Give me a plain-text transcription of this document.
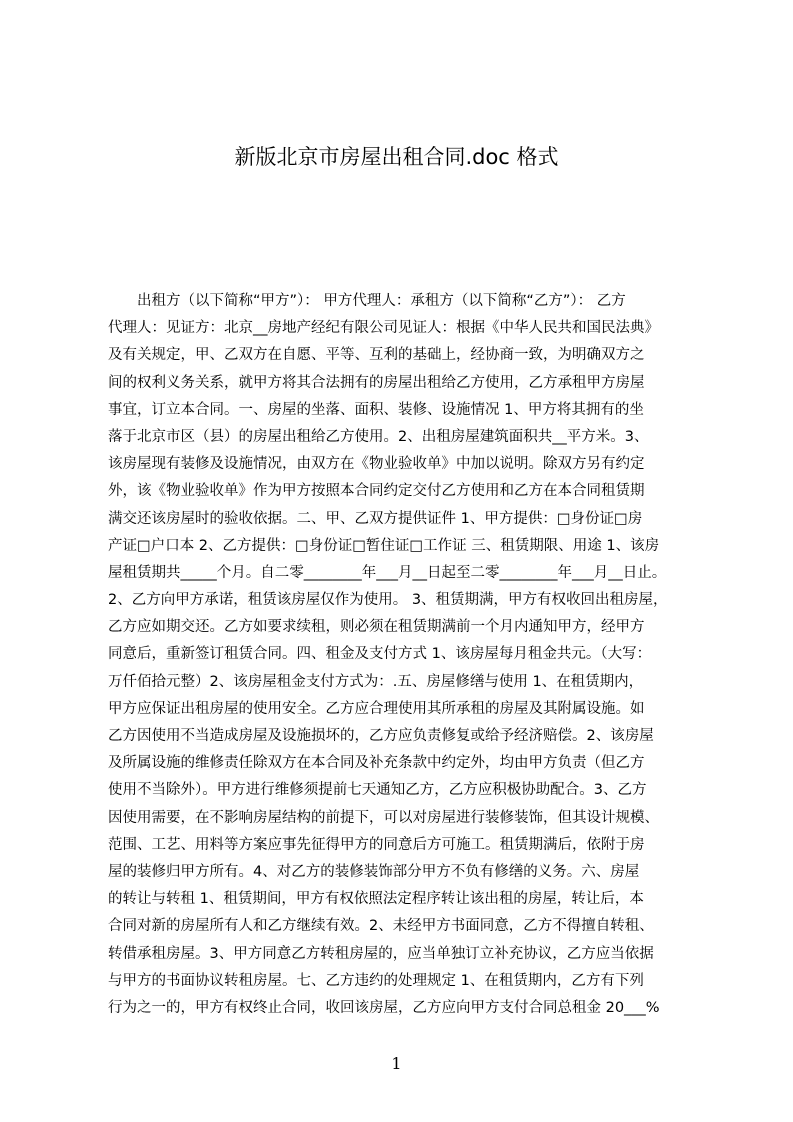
新版北京市房屋出租合同.doc 格式
　　出租方（以下简称“甲方”）： 甲方代理人：承租方（以下简称“乙方”）： 乙方
代理人：见证方：北京__房地产经纪有限公司见证人：根据《中华人民共和国民法典》
及有关规定，甲、乙双方在自愿、平等、互利的基础上，经协商一致，为明确双方之
间的权利义务关系，就甲方将其合法拥有的房屋出租给乙方使用，乙方承租甲方房屋
事宜，订立本合同。一、房屋的坐落、面积、装修、设施情况 1、甲方将其拥有的坐
落于北京市区（县）的房屋出租给乙方使用。2、出租房屋建筑面积共__平方米。3、
该房屋现有装修及设施情况，由双方在《物业验收单》中加以说明。除双方另有约定
外，该《物业验收单》作为甲方按照本合同约定交付乙方使用和乙方在本合同租赁期
满交还该房屋时的验收依据。二、甲、乙双方提供证件 1、甲方提供：□身份证□房
产证□户口本 2、乙方提供：□身份证□暂住证□工作证 三、租赁期限、用途 1、该房
屋租赁期共_____个月。自二零________年___月__日起至二零________年___月__日止。
2、乙方向甲方承诺，租赁该房屋仅作为使用。 3、租赁期满，甲方有权收回出租房屋，
乙方应如期交还。乙方如要求续租，则必须在租赁期满前一个月内通知甲方，经甲方
同意后，重新签订租赁合同。四、租金及支付方式 1、该房屋每月租金共元。（大写：
万仟佰拾元整）2、该房屋租金支付方式为：.五、房屋修缮与使用 1、在租赁期内，
甲方应保证出租房屋的使用安全。乙方应合理使用其所承租的房屋及其附属设施。如
乙方因使用不当造成房屋及设施损坏的，乙方应负责修复或给予经济赔偿。2、该房屋
及所属设施的维修责任除双方在本合同及补充条款中约定外，均由甲方负责（但乙方
使用不当除外）。甲方进行维修须提前七天通知乙方，乙方应积极协助配合。3、乙方
因使用需要，在不影响房屋结构的前提下，可以对房屋进行装修装饰，但其设计规模、
范围、工艺、用料等方案应事先征得甲方的同意后方可施工。租赁期满后，依附于房
屋的装修归甲方所有。4、对乙方的装修装饰部分甲方不负有修缮的义务。六、房屋
的转让与转租 1、租赁期间，甲方有权依照法定程序转让该出租的房屋，转让后，本
合同对新的房屋所有人和乙方继续有效。2、未经甲方书面同意，乙方不得擅自转租、
转借承租房屋。3、甲方同意乙方转租房屋的，应当单独订立补充协议，乙方应当依据
与甲方的书面协议转租房屋。七、乙方违约的处理规定 1、在租赁期内，乙方有下列
行为之一的，甲方有权终止合同，收回该房屋，乙方应向甲方支付合同总租金 20___%
1
